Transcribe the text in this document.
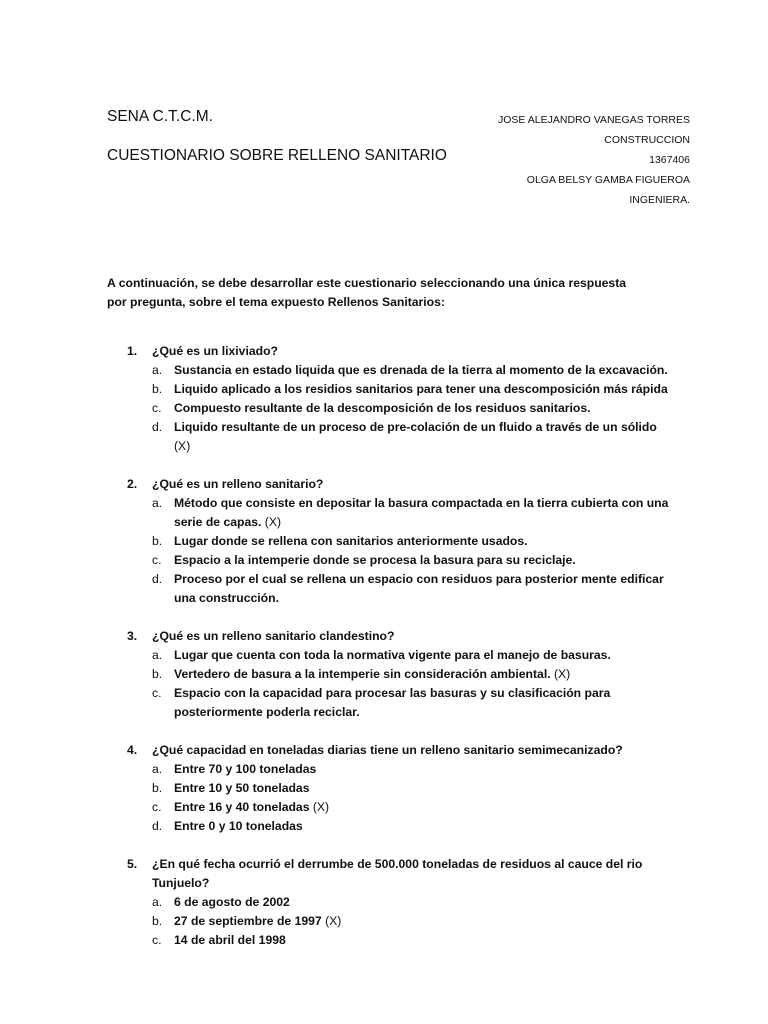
SENA C.T.C.M.
CUESTIONARIO SOBRE RELLENO SANITARIO
JOSE ALEJANDRO VANEGAS TORRES
CONSTRUCCION
1367406
OLGA BELSY GAMBA FIGUEROA
INGENIERA.
A continuación, se debe desarrollar este cuestionario seleccionando una única respuesta por pregunta, sobre el tema expuesto Rellenos Sanitarios:
1. ¿Qué es un lixiviado?
a. Sustancia en estado liquida que es drenada de la tierra al momento de la excavación.
b. Liquido aplicado a los residios sanitarios para tener una descomposición más rápida
c. Compuesto resultante de la descomposición de los residuos sanitarios.
d. Liquido resultante de un proceso de pre-colación de un fluido a través de un sólido (X)
2. ¿Qué es un relleno sanitario?
a. Método que consiste en depositar la basura compactada en la tierra cubierta con una serie de capas. (X)
b. Lugar donde se rellena con sanitarios anteriormente usados.
c. Espacio a la intemperie donde se procesa la basura para su reciclaje.
d. Proceso por el cual se rellena un espacio con residuos para posterior mente edificar una construcción.
3. ¿Qué es un relleno sanitario clandestino?
a. Lugar que cuenta con toda la normativa vigente para el manejo de basuras.
b. Vertedero de basura a la intemperie sin consideración ambiental. (X)
c. Espacio con la capacidad para procesar las basuras y su clasificación para posteriormente poderla reciclar.
4. ¿Qué capacidad en toneladas diarias tiene un relleno sanitario semimecanizado?
a. Entre 70 y 100 toneladas
b. Entre 10 y 50 toneladas
c. Entre 16 y 40 toneladas (X)
d. Entre 0 y 10 toneladas
5. ¿En qué fecha ocurrió el derrumbe de 500.000 toneladas de residuos al cauce del rio Tunjuelo?
a. 6 de agosto de 2002
b. 27 de septiembre de 1997 (X)
c. 14 de abril del 1998
